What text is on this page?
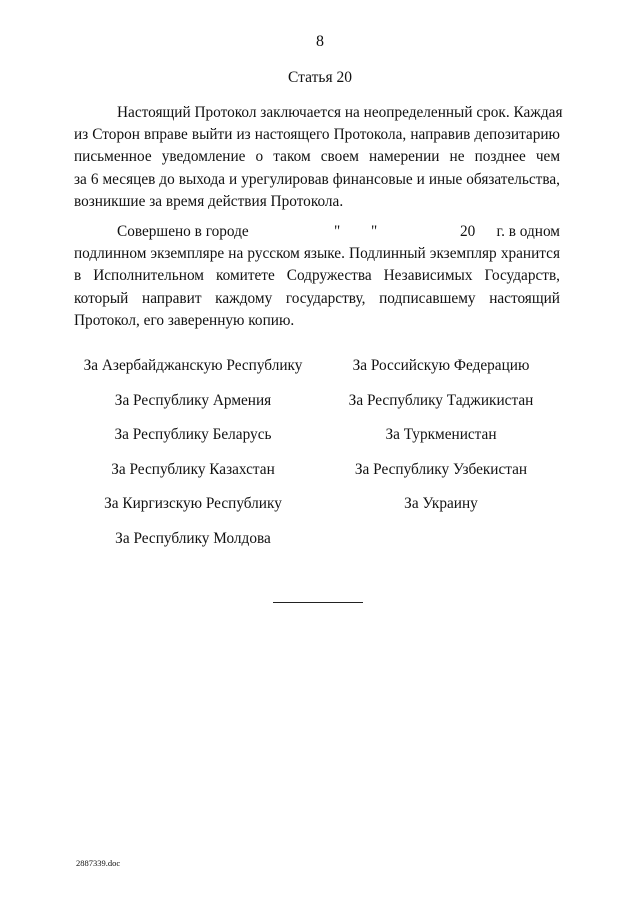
8
Статья 20

Настоящий Протокол заключается на неопределенный срок. Каждая
из Сторон вправе выйти из настоящего Протокола, направив депозитарию
письменное уведомление о таком своем намерении не позднее чем
за 6 месяцев до выхода и урегулировав финансовые и иные обязательства,
возникшие за время действия Протокола.

Совершено в городе	" "	20 г. в одном
подлинном экземпляре на русском языке. Подлинный экземпляр хранится
в Исполнительном комитете Содружества Независимых Государств,
который направит каждому государству, подписавшему настоящий
Протокол, его заверенную копию.

За Азербайджанскую Республику
За Республику Армения
За Республику Беларусь
За Республику Казахстан
За Киргизскую Республику
За Республику Молдова
За Российскую Федерацию
За Республику Таджикистан
За Туркменистан
За Республику Узбекистан
За Украину
2887339.doc
